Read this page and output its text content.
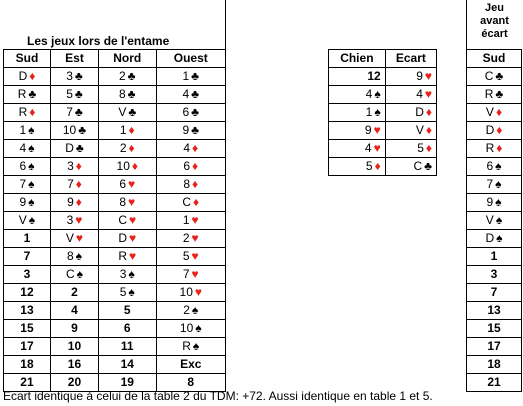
Les jeux lors de l'entame
Sud	Est	Nord	Ouest

D ♦	3 ♣	2 ♣	1 ♣

R ♣	5 ♣	8 ♣	4 ♣

R ♦	7 ♣	V ♣	6 ♣

1 ♠	10 ♣	1 ♦	9 ♣

4 ♠	D ♣	2 ♦	4 ♦

6 ♠	3 ♦	10 ♦	6 ♦

7 ♠	7 ♦	6 ♥	8 ♦

9 ♠	9 ♦	8 ♥	C ♦

V ♠	3 ♥	C ♥	1 ♥

1	V ♥	D ♥	2 ♥

7	8 ♠	R ♥	5 ♥

3	C ♠	3 ♠	7 ♥

12	2	5 ♠	10 ♥

13	4	5	2 ♠

15	9	6	10 ♠

17	10	11	R ♠

18	16	14	Exc

21	20	19	8
Chien	Ecart

12	9 ♥

4 ♠	4 ♥

1 ♠	D ♦

9 ♥	V ♦

4 ♥	5 ♦

5 ♦	C ♣
Jeu
avant
écart
Sud

C ♣

R ♣

V ♦

D ♦

R ♦

6 ♠

7 ♠

9 ♠

V ♠

D ♠

1

3

7

13

15

17

18

21
Ecart identique à celui de la table 2 du TDM: +72. Aussi identique en table 1 et 5.
